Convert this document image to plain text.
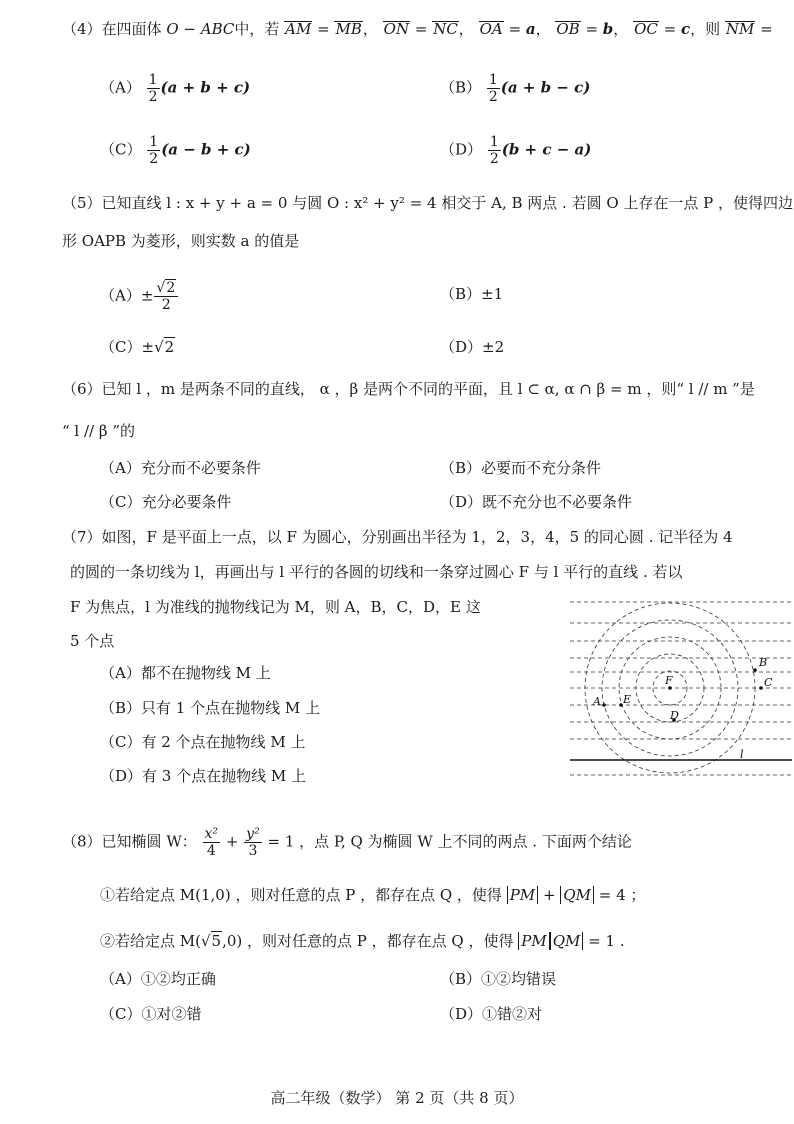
（4）在四面体 O − ABC中，若 AM = MB， ON = NC， OA = a， OB = b， OC = c，则 NM =
$(A) \frac{1}{2} (a + b + c)$	$(B) \frac{1}{2} (a + b - c)$
$(C) \frac{1}{2} (a - b + c)$	$(D) \frac{1}{2} (b + c - a)$
（5）已知直线 l : x + y + a = 0 与圆 O : x² + y² = 4 相交于 A, B 两点 . 若圆 O 上存在一点 P ，使得四边
形 OAPB 为菱形，则实数 a 的值是
$(A)\pm \frac{√2}{2}$	（B）±1
（C）±√2	（D）±2
（6）已知 l ，m 是两条不同的直线， α ，β 是两个不同的平面，且 l ⊂ α, α ∩ β = m ，则“ l // m ”是
“ l // β ”的
（A）充分而不必要条件	（B）必要而不充分条件
（C）充分必要条件	（D）既不充分也不必要条件
（7）如图，F 是平面上一点，以 F 为圆心，分别画出半径为 1，2，3，4，5 的同心圆 . 记半径为 4
的圆的一条切线为 l，再画出与 l 平行的各圆的切线和一条穿过圆心 F 与 l 平行的直线 . 若以
F 为焦点，l 为准线的抛物线记为 M，则 A，B，C，D，E 这
5 个点
（A）都不在抛物线 M 上
（B）只有 1 个点在抛物线 M 上
（C）有 2 个点在抛物线 M 上
（D）有 3 个点在抛物线 M 上
F
B
C
D
E
A
l
（8）已知椭圆 W： $\frac{\text{x²}}{4} + \frac{\text{y²}}{3} = 1$ ，点 P, Q 为椭圆 W 上不同的两点 . 下面两个结论
①若给定点 M(1,0) ，则对任意的点 P ，都存在点 Q ，使得 PM + QM = 4 ；
②若给定点 M(√5,0) ，则对任意的点 P ，都存在点 Q ，使得 PM QM = 1 .
（A）①②均正确	（B）①②均错误
（C）①对②错	（D）①错②对
高二年级（数学） 第 2 页（共 8 页）
